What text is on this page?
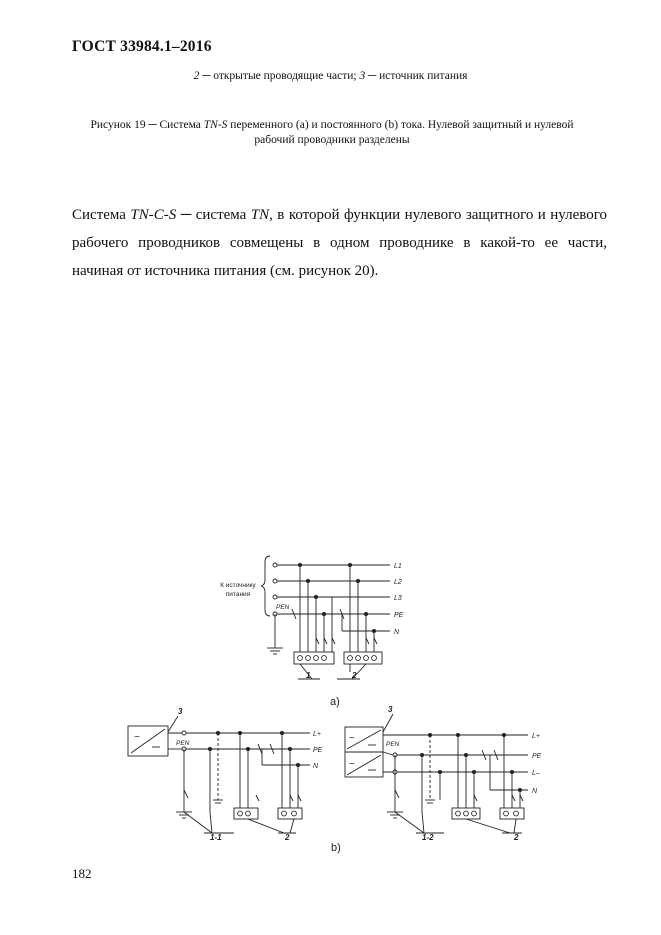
ГОСТ 33984.1–2016
2 ─ открытые проводящие части; 3 ─ источник питания
Рисунок 19 ─ Система TN-S переменного (а) и постоянного (b) тока. Нулевой защитный и нулевой рабочий проводники разделены
Система TN-C-S ─ система TN, в которой функции нулевого защитного и нулевого рабочего проводников совмещены в одном проводнике в какой-то ее части, начиная от источника питания (см. рисунок 20).
К источнику
питания
L1
L2
L3
PE
N
PEN
1	2
a)
~
3
L+
PE
N
PEN
1-1	2
~
~
3
L+
PE
L–
N
PEN
1-2	2
b)
182
